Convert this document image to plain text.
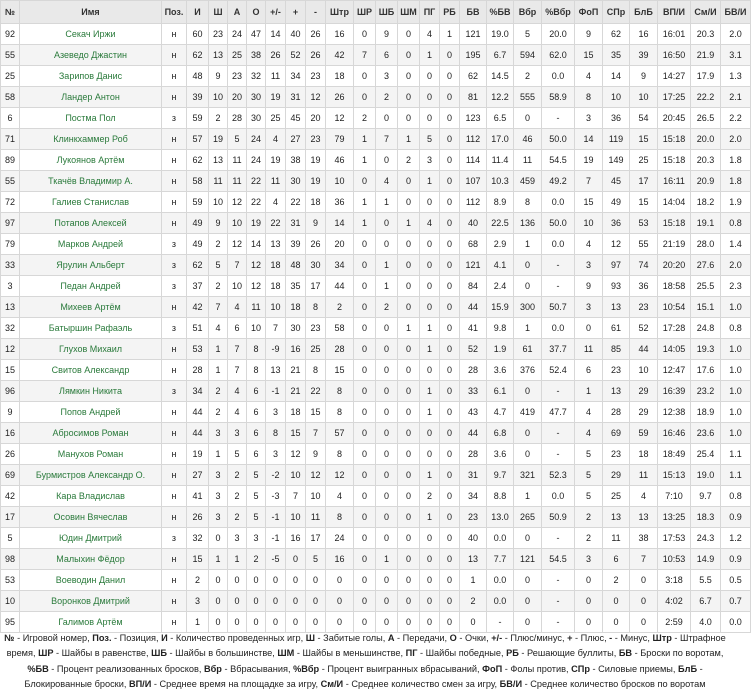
№	Имя	Поз.	И	Ш	А	О	+/-	+	-	Штр	ШР	ШБ	ШМ	ПГ	РБ	БВ	%БВ	Вбр	%Вбр	ФоП	СПр	БлБ	ВП/И	См/И	БВ/И
92	Секач Иржи	н	60	23	24	47	14	40	26	16	0	9	0	4	1	121	19.0	5	20.0	9	62	16	16:01	20.3	2.0
55	Азеведо Джастин	н	62	13	25	38	26	52	26	42	7	6	0	1	0	195	6.7	594	62.0	15	35	39	16:50	21.9	3.1
25	Зарипов Данис	н	48	9	23	32	11	34	23	18	0	3	0	0	0	62	14.5	2	0.0	4	14	9	14:27	17.9	1.3
58	Ландер Антон	н	39	10	20	30	19	31	12	26	0	2	0	0	0	81	12.2	555	58.9	8	10	10	17:25	22.2	2.1
6	Постма Пол	з	59	2	28	30	25	45	20	12	2	0	0	0	0	123	6.5	0	-	3	36	54	20:45	26.5	2.2
71	Клинкхаммер Роб	н	57	19	5	24	4	27	23	79	1	7	1	5	0	112	17.0	46	50.0	14	119	15	15:18	20.0	2.0
89	Лукоянов Артём	н	62	13	11	24	19	38	19	46	1	0	2	3	0	114	11.4	11	54.5	19	149	25	15:18	20.3	1.8
55	Ткачёв Владимир А.	н	58	11	11	22	11	30	19	10	0	4	0	1	0	107	10.3	459	49.2	7	45	17	16:11	20.9	1.8
72	Галиев Станислав	н	59	10	12	22	4	22	18	36	1	1	0	0	0	112	8.9	8	0.0	15	49	15	14:04	18.2	1.9
97	Потапов Алексей	н	49	9	10	19	22	31	9	14	1	0	1	4	0	40	22.5	136	50.0	10	36	53	15:18	19.1	0.8
79	Марков Андрей	з	49	2	12	14	13	39	26	20	0	0	0	0	0	68	2.9	1	0.0	4	12	55	21:19	28.0	1.4
33	Ярулин Альберт	з	62	5	7	12	18	48	30	34	0	1	0	0	0	121	4.1	0	-	3	97	74	20:20	27.6	2.0
3	Педан Андрей	з	37	2	10	12	18	35	17	44	0	1	0	0	0	84	2.4	0	-	9	93	36	18:58	25.5	2.3
13	Михеев Артём	н	42	7	4	11	10	18	8	2	0	2	0	0	0	44	15.9	300	50.7	3	13	23	10:54	15.1	1.0
32	Батыршин Рафаэль	з	51	4	6	10	7	30	23	58	0	0	1	1	0	41	9.8	1	0.0	0	61	52	17:28	24.8	0.8
12	Глухов Михаил	н	53	1	7	8	-9	16	25	28	0	0	0	1	0	52	1.9	61	37.7	11	85	44	14:05	19.3	1.0
15	Свитов Александр	н	28	1	7	8	13	21	8	15	0	0	0	0	0	28	3.6	376	52.4	6	23	10	12:47	17.6	1.0
96	Лямкин Никита	з	34	2	4	6	-1	21	22	8	0	0	0	1	0	33	6.1	0	-	1	13	29	16:39	23.2	1.0
9	Попов Андрей	н	44	2	4	6	3	18	15	8	0	0	0	1	0	43	4.7	419	47.7	4	28	29	12:38	18.9	1.0
16	Абросимов Роман	н	44	3	3	6	8	15	7	57	0	0	0	0	0	44	6.8	0	-	4	69	59	16:46	23.6	1.0
26	Манухов Роман	н	19	1	5	6	3	12	9	8	0	0	0	0	0	28	3.6	0	-	5	23	18	18:49	25.4	1.1
69	Бурмистров Александр О.	н	27	3	2	5	-2	10	12	12	0	0	0	1	0	31	9.7	321	52.3	5	29	11	15:13	19.0	1.1
42	Кара Владислав	н	41	3	2	5	-3	7	10	4	0	0	0	2	0	34	8.8	1	0.0	5	25	4	7:10	9.7	0.8
17	Осовин Вячеслав	н	26	3	2	5	-1	10	11	8	0	0	0	1	0	23	13.0	265	50.9	2	13	13	13:25	18.3	0.9
5	Юдин Дмитрий	з	32	0	3	3	-1	16	17	24	0	0	0	0	0	40	0.0	0	-	2	11	38	17:53	24.3	1.2
98	Малыхин Фёдор	н	15	1	1	2	-5	0	5	16	0	1	0	0	0	13	7.7	121	54.5	3	6	7	10:53	14.9	0.9
53	Воеводин Данил	н	2	0	0	0	0	0	0	0	0	0	0	0	0	1	0.0	0	-	0	2	0	3:18	5.5	0.5
10	Воронков Дмитрий	н	3	0	0	0	0	0	0	0	0	0	0	0	0	2	0.0	0	-	0	0	0	4:02	6.7	0.7
95	Галимов Артём	н	1	0	0	0	0	0	0	0	0	0	0	0	0	0	-	0	-	0	0	0	2:59	4.0	0.0
№ - Игровой номер, Поз. - Позиция, И - Количество проведенных игр, Ш - Забитые голы, А - Передачи, О - Очки, +/- - Плюс/минус, + - Плюс, - - Минус, Штр - Штрафное время, ШР - Шайбы в равенстве, ШБ - Шайбы в большинстве, ШМ - Шайбы в меньшинстве, ПГ - Шайбы победные, РБ - Решающие буллиты, БВ - Броски по воротам, %БВ - Процент реализованных бросков, Вбр - Вбрасывания, %Вбр - Процент выигранных вбрасываний, ФоП - Фолы против, СПр - Силовые приемы, БлБ - Блокированные броски, ВП/И - Среднее время на площадке за игру, См/И - Среднее количество смен за игру, БВ/И - Среднее количество бросков по воротам
